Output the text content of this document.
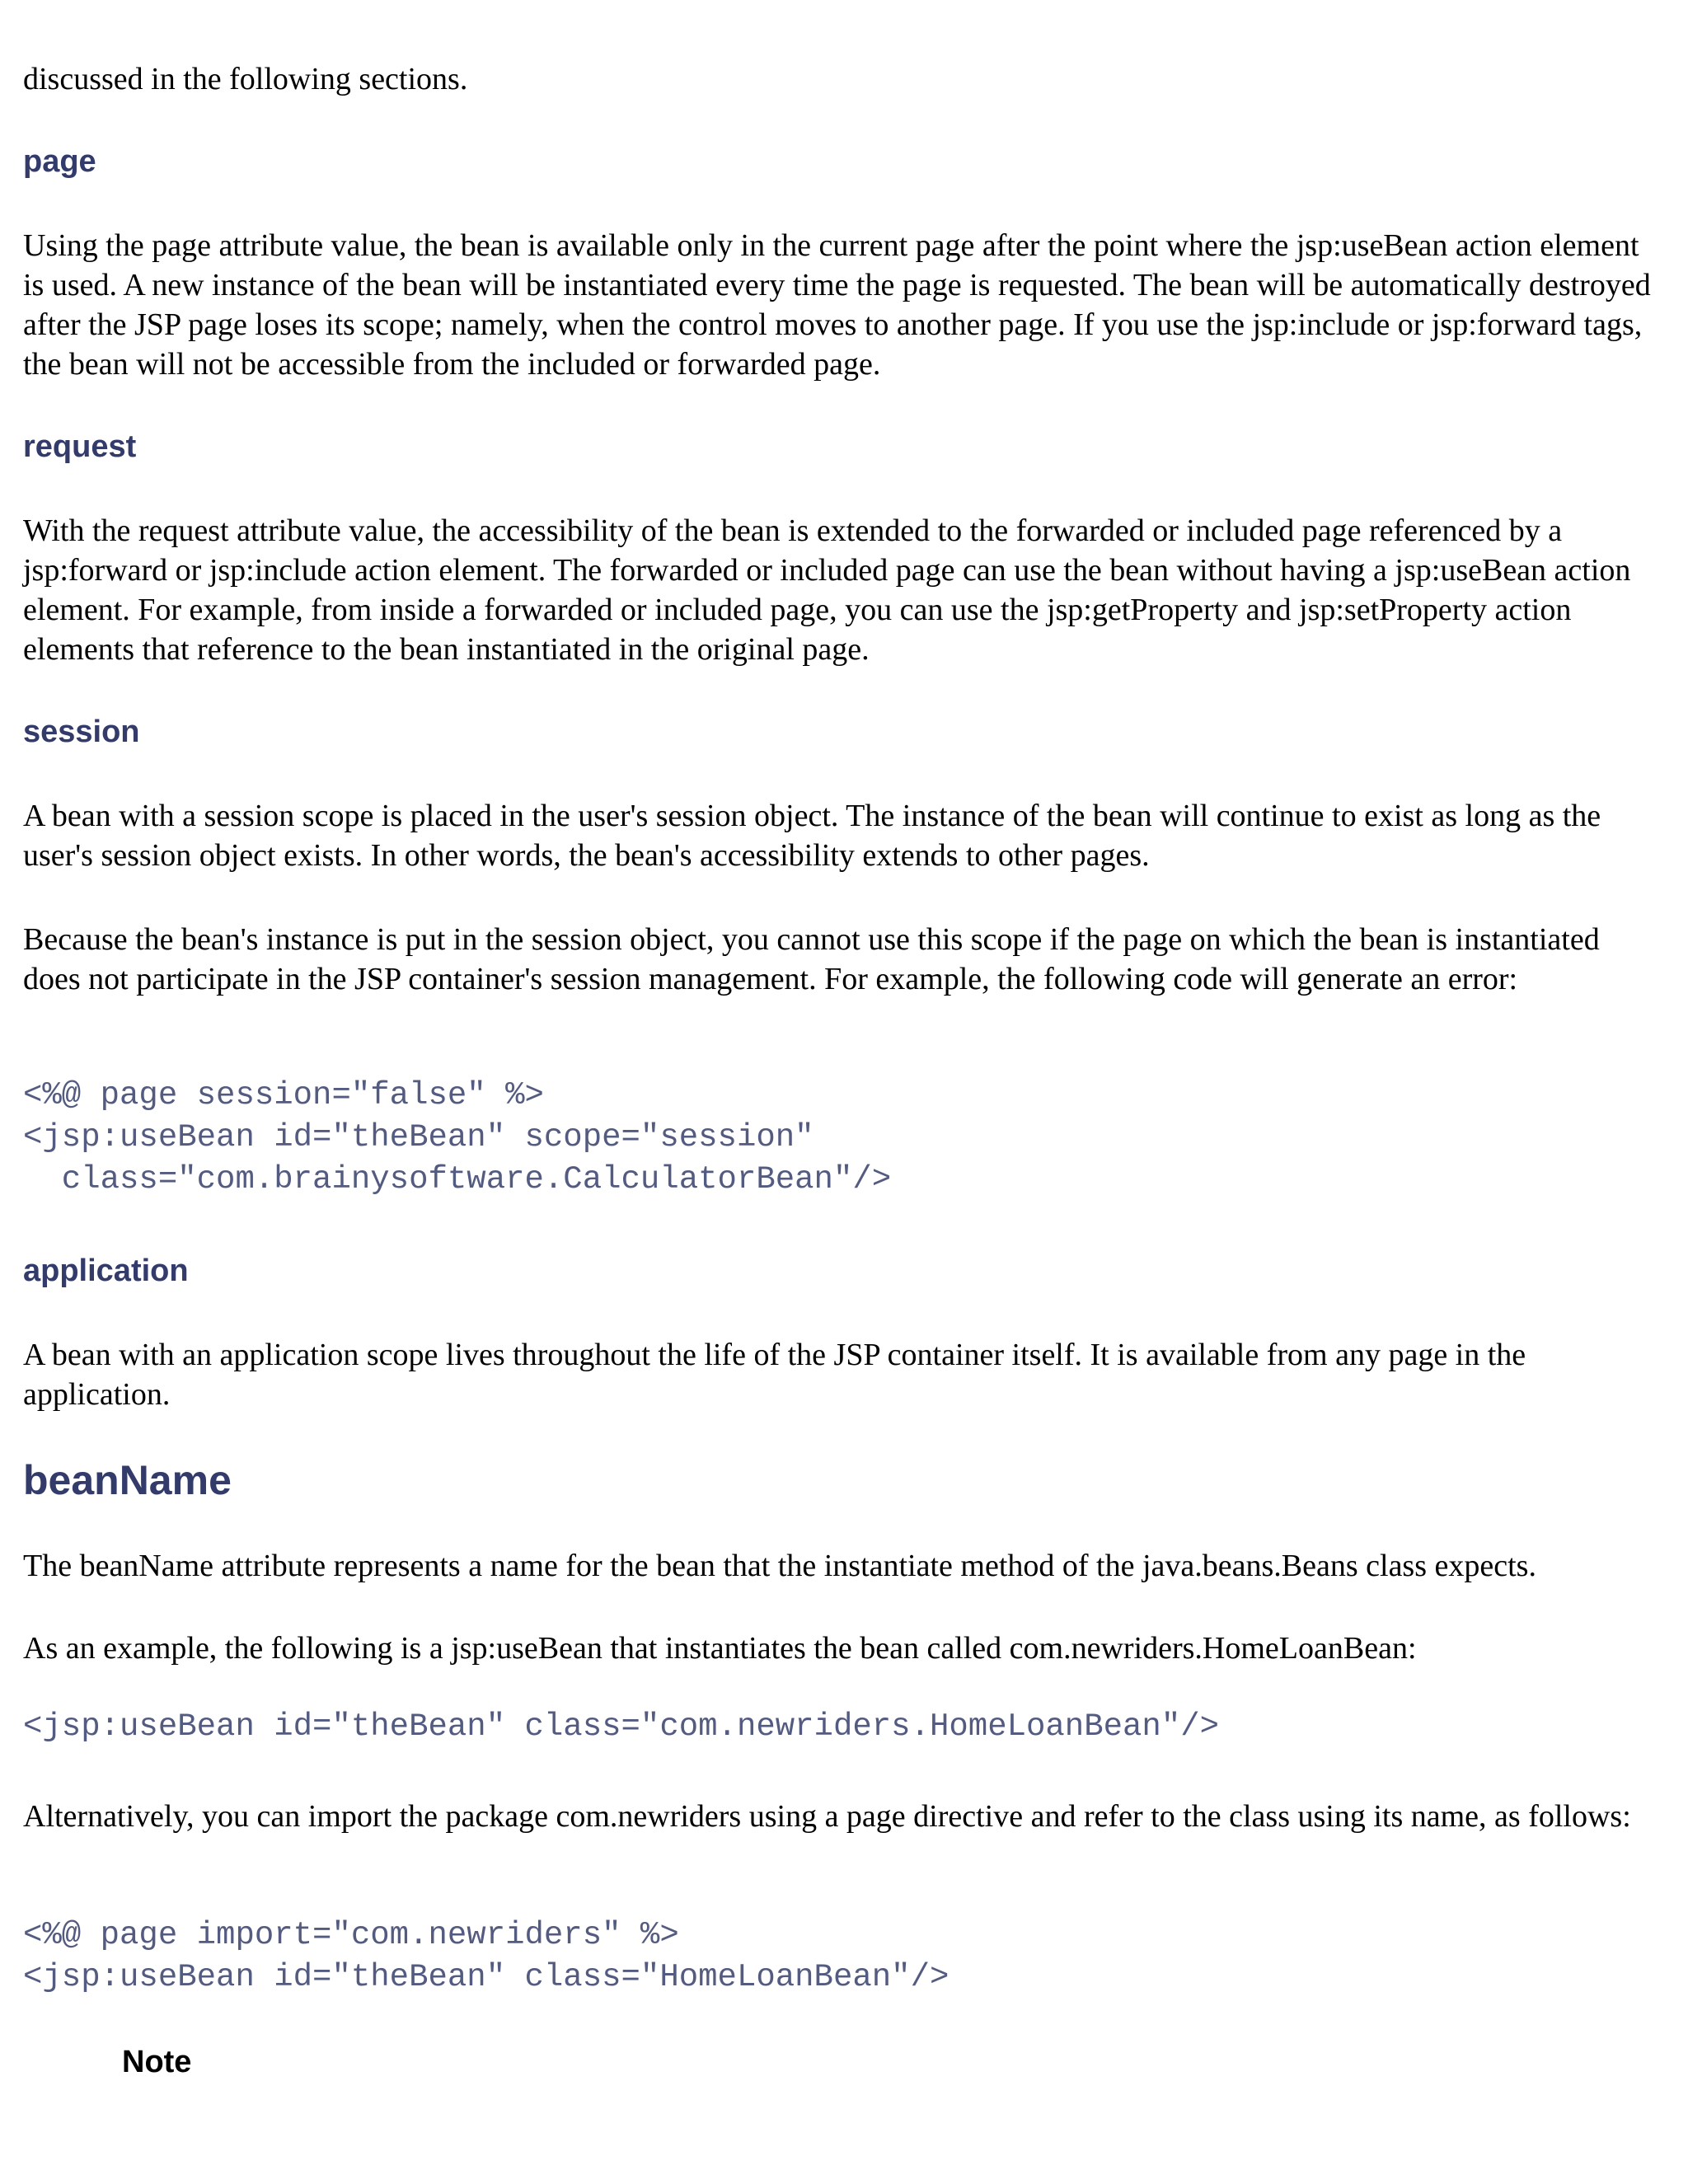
discussed in the following sections.

page

Using the page attribute value, the bean is available only in the current page after the point where the jsp:useBean action element is used. A new instance of the bean will be instantiated every time the page is requested. The bean will be automatically destroyed after the JSP page loses its scope; namely, when the control moves to another page. If you use the jsp:include or jsp:forward tags, the bean will not be accessible from the included or forwarded page.

request

With the request attribute value, the accessibility of the bean is extended to the forwarded or included page referenced by a jsp:forward or jsp:include action element. The forwarded or included page can use the bean without having a jsp:useBean action element. For example, from inside a forwarded or included page, you can use the jsp:getProperty and jsp:setProperty action elements that reference to the bean instantiated in the original page.

session

A bean with a session scope is placed in the user's session object. The instance of the bean will continue to exist as long as the user's session object exists. In other words, the bean's accessibility extends to other pages.

Because the bean's instance is put in the session object, you cannot use this scope if the page on which the bean is instantiated does not participate in the JSP container's session management. For example, the following code will generate an error:

<%@ page session="false" %>
<jsp:useBean id="theBean" scope="session"
class="com.brainysoftware.CalculatorBean"/>
application

A bean with an application scope lives throughout the life of the JSP container itself. It is available from any page in the application.

beanName

The beanName attribute represents a name for the bean that the instantiate method of the java.beans.Beans class expects.

As an example, the following is a jsp:useBean that instantiates the bean called com.newriders.HomeLoanBean:

<jsp:useBean id="theBean" class="com.newriders.HomeLoanBean"/>

Alternatively, you can import the package com.newriders using a page directive and refer to the class using its name, as follows:

<%@ page import="com.newriders" %>
<jsp:useBean id="theBean" class="HomeLoanBean"/>
Note
